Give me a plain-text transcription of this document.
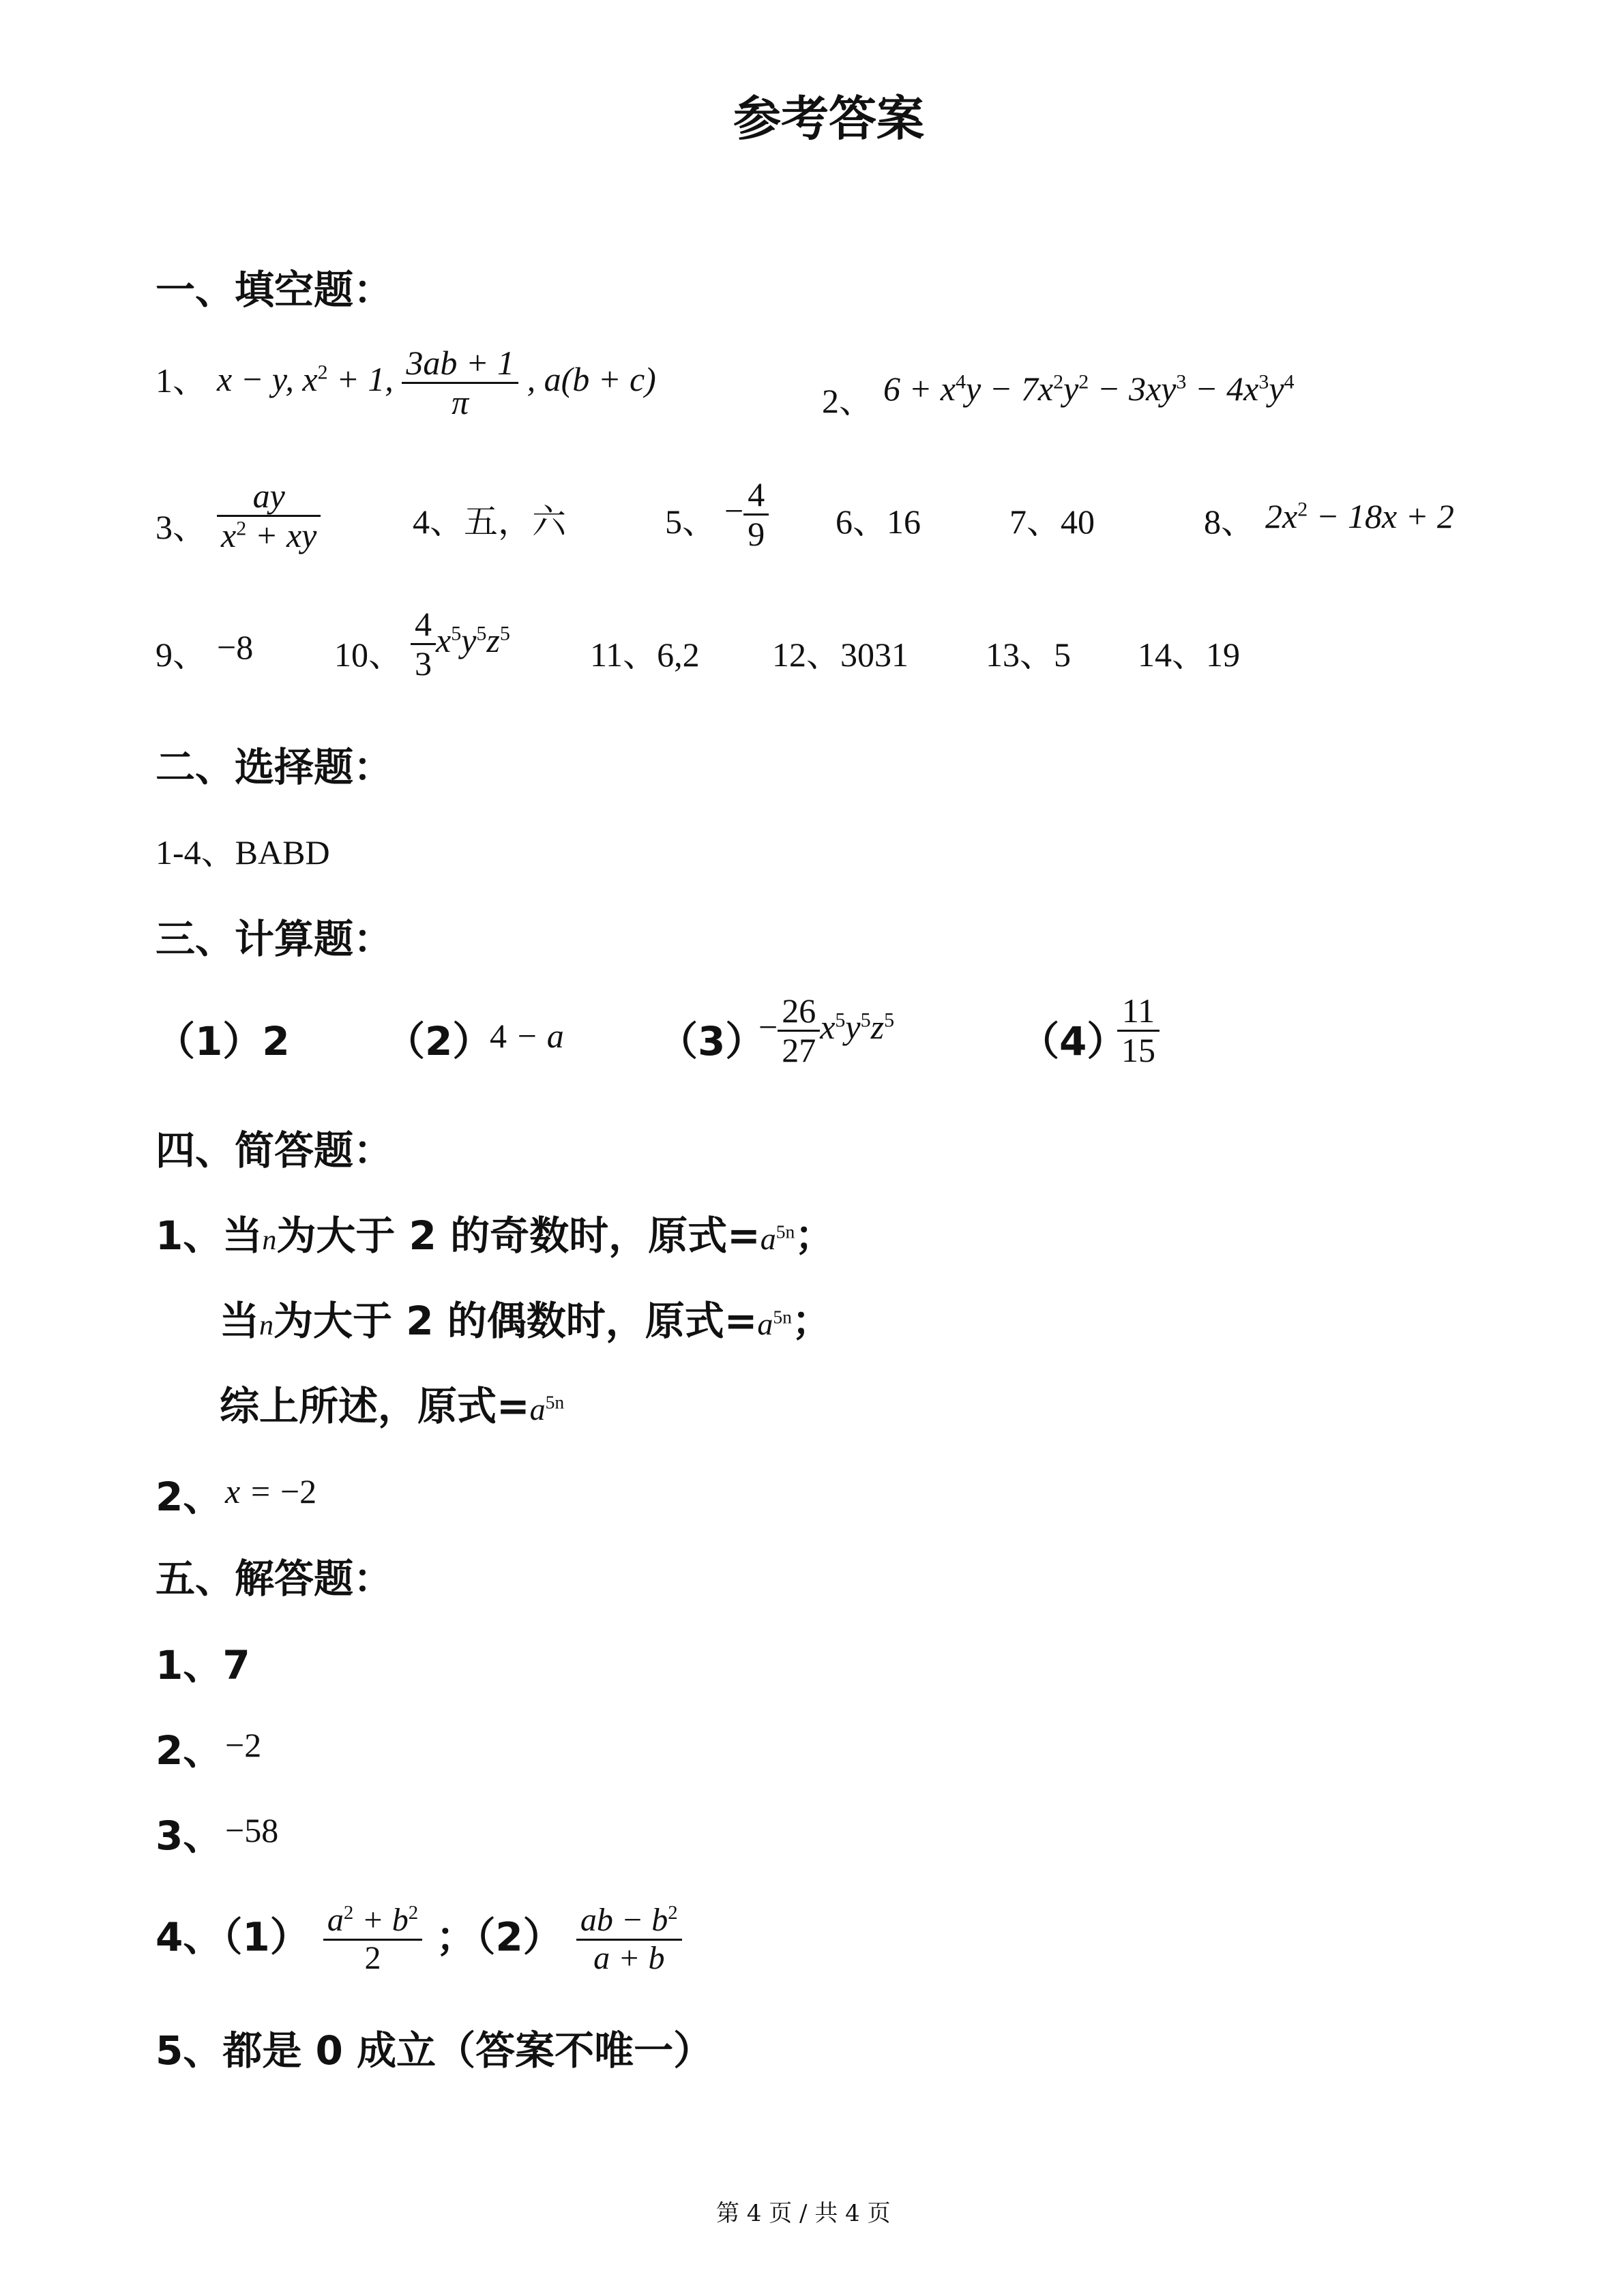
参考答案
一、填空题：
1、 x − y, $x^2 + 1$, $\frac{3ab + 1}{\pi}$ , a(b + c)
2、 $6 + x^4y - 7x^2y^2 - 3xy^3 - 4x^3y^4$
3、 $\frac{ay}{x^2 + xy}$	4、五，六	5、 − $\frac{4}{9} 6$、16	7、40	8、 $2x^2 - 18x + 2$
9、 −8 10、 $\frac{4}{3} x^5y^5z^5$
11、6,2 12、3031 13、5 14、19
二、选择题：
1-4、BABD
三、计算题：
（1）2 （2）
4 − a （3）
− $\frac{26}{27} x^5y^5z^5$	（4）
$\frac{11}{15}$
四、简答题：
1、当n为大于 2 的奇数时，原式$=a^{5n}$；
当n为大于 2 的偶数时，原式$=a^{5n}$；
综上所述，原式$=a^{5n}$
2、 x = −2
五、解答题：
1、7
2、 −2
3、 −58
4、$(1) \frac{a^2 + b^2}{2}$ ；$(2) \frac{ab - b^2}{a + b}$
5、都是 0 成立（答案不唯一）
第 4 页 / 共 4 页
